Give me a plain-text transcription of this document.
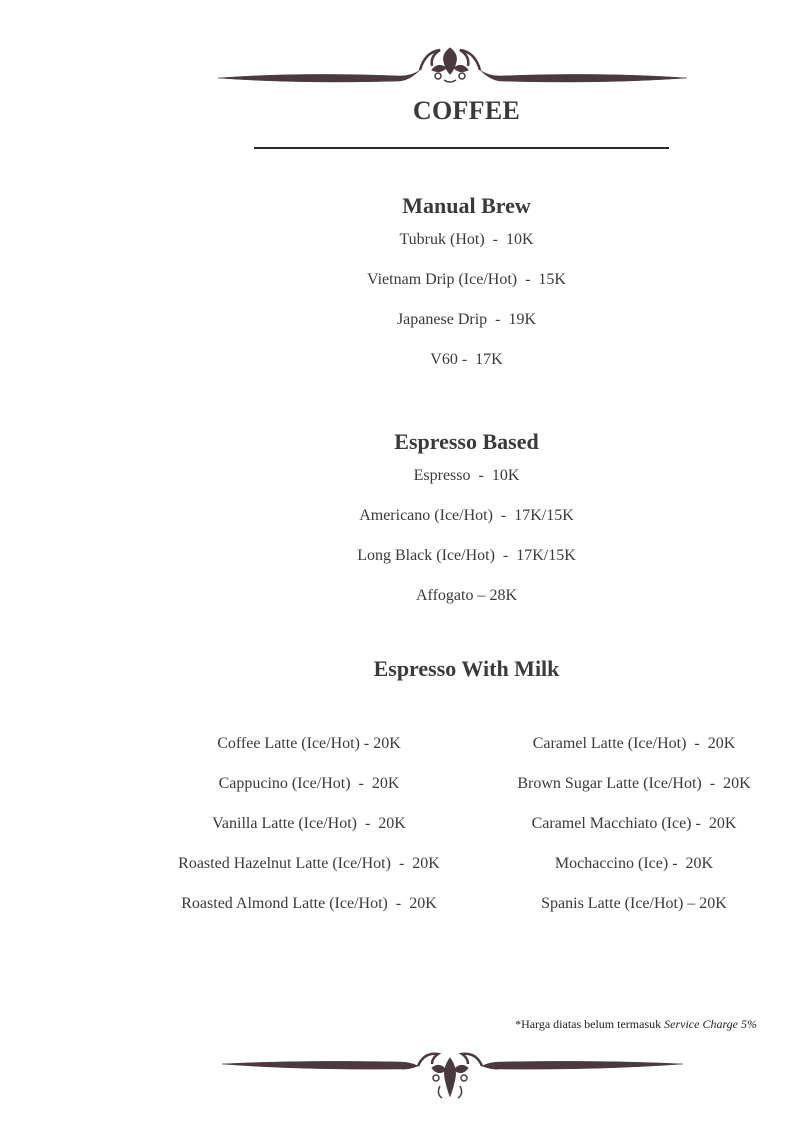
COFFEE
Manual Brew
Tubruk (Hot)  -  10K
Vietnam Drip (Ice/Hot)  -  15K
Japanese Drip  -  19K
V60 -  17K
Espresso Based
Espresso  -  10K
Americano (Ice/Hot)  -  17K/15K
Long Black (Ice/Hot)  -  17K/15K
Affogato – 28K
Espresso With Milk
Coffee Latte (Ice/Hot) - 20K
Cappucino (Ice/Hot)  -  20K
Vanilla Latte (Ice/Hot)  -  20K
Roasted Hazelnut Latte (Ice/Hot)  -  20K
Roasted Almond Latte (Ice/Hot)  -  20K
Caramel Latte (Ice/Hot)  -  20K
Brown Sugar Latte (Ice/Hot)  -  20K
Caramel Macchiato (Ice) -  20K
Mochaccino (Ice) -  20K
Spanis Latte (Ice/Hot) – 20K
*Harga diatas belum termasuk Service Charge 5%
